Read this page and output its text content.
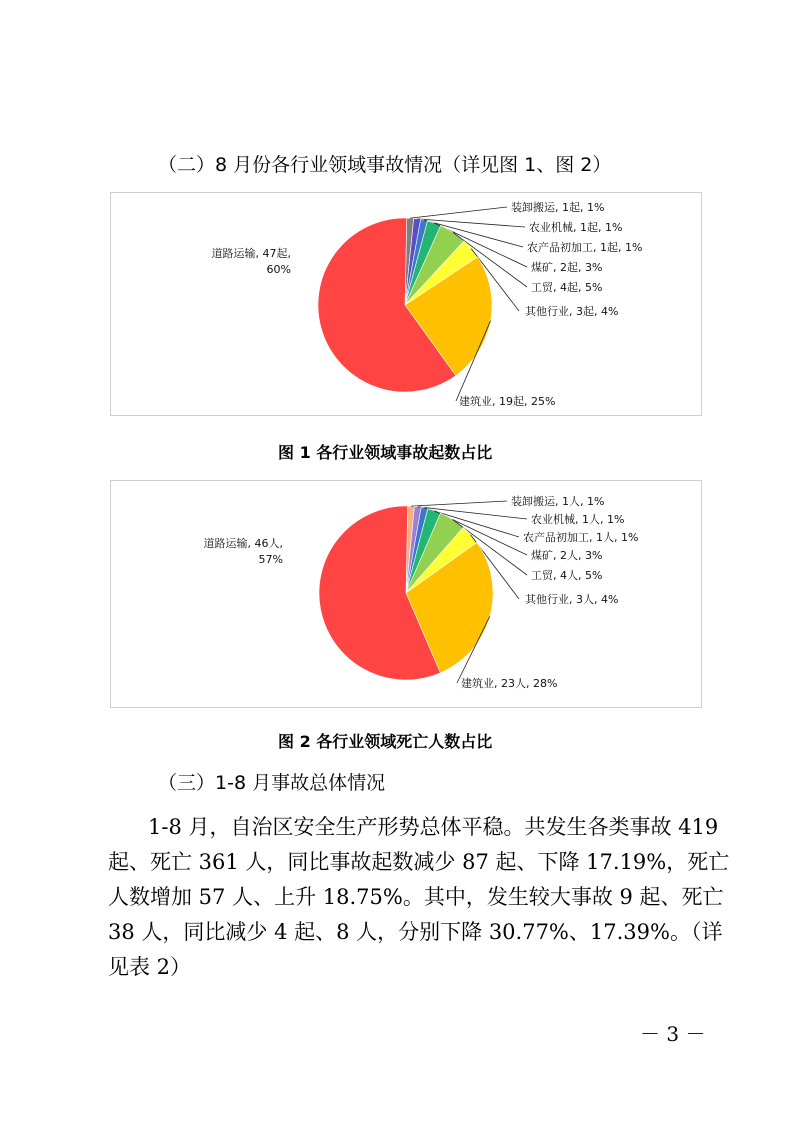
（二）8 月份各行业领域事故情况（详见图 1、图 2）
装卸搬运, 1起, 1%
农业机械, 1起, 1%
农产品初加工, 1起, 1%
煤矿, 2起, 3%
工贸, 4起, 5%
其他行业, 3起, 4%
建筑业, 19起, 25%
道路运输, 47起,
60%
图 1 各行业领域事故起数占比
装卸搬运, 1人, 1%
农业机械, 1人, 1%
农产品初加工, 1人, 1%
煤矿, 2人, 3%
工贸, 4人, 5%
其他行业, 3人, 4%
建筑业, 23人, 28%
道路运输, 46人,
57%
图 2 各行业领域死亡人数占比
（三）1-8 月事故总体情况
1-8 月，自治区安全生产形势总体平稳。共发生各类事故 419
起、死亡 361 人，同比事故起数减少 87 起、下降 17.19%，死亡
人数增加 57 人、上升 18.75%。其中，发生较大事故 9 起、死亡
38 人，同比减少 4 起、8 人，分别下降 30.77%、17.39%。（详
见表 2）
－ 3 －
